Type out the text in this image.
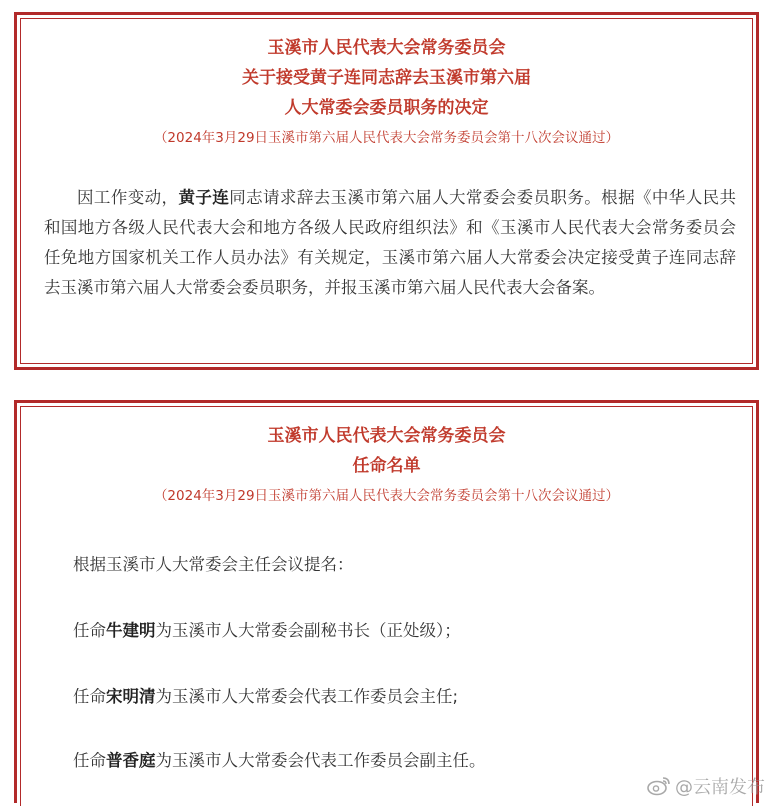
玉溪市人民代表大会常务委员会
关于接受黄子连同志辞去玉溪市第六届
人大常委会委员职务的决定
（2024年3月29日玉溪市第六届人民代表大会常务委员会第十八次会议通过）

因工作变动，黄子连同志请求辞去玉溪市第六届人大常委会委员职务。根据《中华人民共和国地方各级人民代表大会和地方各级人民政府组织法》和《玉溪市人民代表大会常务委员会任免地方国家机关工作人员办法》有关规定，玉溪市第六届人大常委会决定接受黄子连同志辞去玉溪市第六届人大常委会委员职务，并报玉溪市第六届人民代表大会备案。

玉溪市人民代表大会常务委员会
任命名单
（2024年3月29日玉溪市第六届人民代表大会常务委员会第十八次会议通过）
根据玉溪市人大常委会主任会议提名：
任命牛建明为玉溪市人大常委会副秘书长（正处级）；
任命宋明清为玉溪市人大常委会代表工作委员会主任;
任命普香庭为玉溪市人大常委会代表工作委员会副主任。
@云南发布
